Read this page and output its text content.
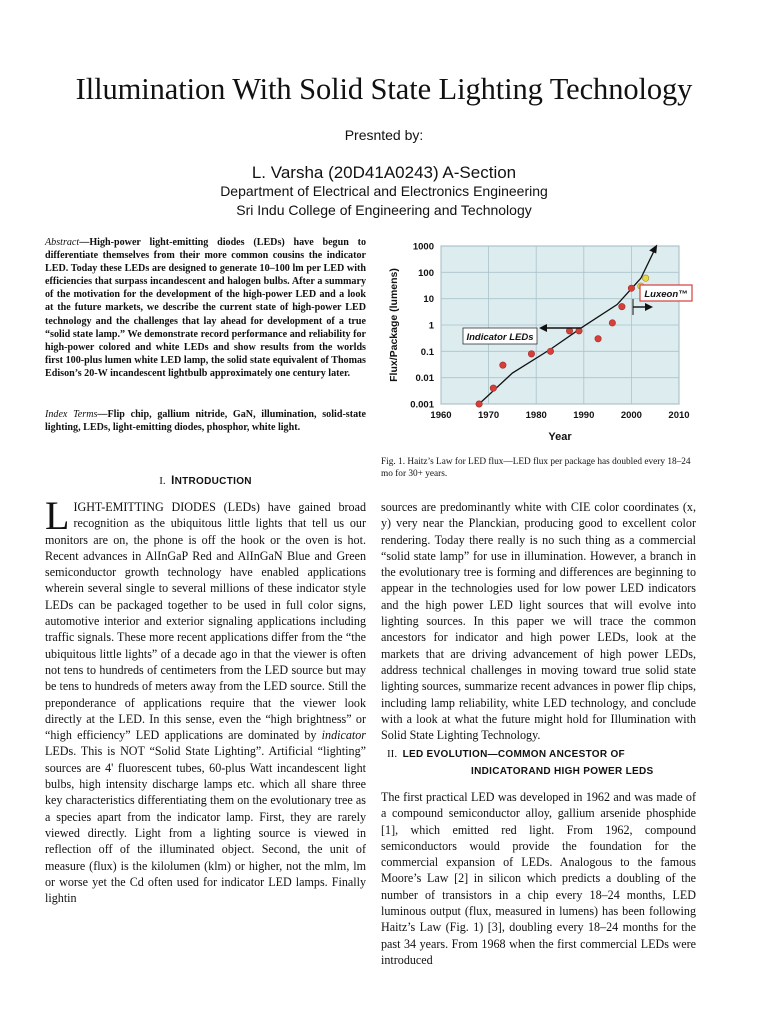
Illumination With Solid State Lighting Technology
Presnted by:
L. Varsha (20D41A0243) A-Section
Department of Electrical and Electronics Engineering
Sri Indu College of Engineering and Technology
Abstract—High-power light-emitting diodes (LEDs) have begun to differentiate themselves from their more common cousins the indicator LED. Today these LEDs are designed to generate 10–100 lm per LED with efficiencies that surpass incandescent and halogen bulbs. After a summary of the motivation for the development of the high-power LED and a look at the future markets, we describe the current state of high-power LED technology and the challenges that lay ahead for development of a true “solid state lamp.” We demonstrate record performance and reliability for high-power colored and white LEDs and show results from the worlds first 100-plus lumen white LED lamp, the solid state equivalent of Thomas Edison’s 20-W incandescent lightbulb approximately one century later.
Index Terms—Flip chip, gallium nitride, GaN, illumination, solid-state lighting, LEDs, light-emitting diodes, phosphor, white light.
I. INTRODUCTION
LIGHT-EMITTING DIODES (LEDs) have gained broad recognition as the ubiquitous little lights that tell us our monitors are on, the phone is off the hook or the oven is hot. Recent advances in AlInGaP Red and AlInGaN Blue and Green semiconductor growth technology have enabled applications wherein several single to several millions of these indicator style LEDs can be packaged together to be used in full color signs, automotive interior and exterior signaling applications including traffic signals. These more recent applications differ from the “the ubiquitous little lights” of a decade ago in that the viewer is often not tens to hundreds of centimeters from the LED source but may be tens to hundreds of meters away from the LED source. Still the preponderance of applications require that the viewer look directly at the LED. In this sense, even the “high brightness” or “high efficiency” LED applications are dominated by indicator LEDs. This is NOT “Solid State Lighting”. Artificial “lighting” sources are 4' fluorescent tubes, 60-plus Watt incandescent light bulbs, high intensity discharge lamps etc. which all share three key characteristics differentiating them on the evolutionary tree as a species apart from the indicator lamp. First, they are rarely viewed directly. Light from a lighting source is viewed in reflection off of the illuminated object. Second, the unit of measure (flux) is the kilolumen (klm) or higher, not the mlm, lm or worse yet the Cd often used for indicator LED lamps. Finally lightin
1960	1970	1980	1990	2000	2010
0.001
0.01
0.1
1
10
100
1000
Year
Flux/Package (lumens)	Indicator LEDs
Luxeon™
Fig. 1. Haitz’s Law for LED flux—LED flux per package has doubled every 18–24 mo for 30+ years.
sources are predominantly white with CIE color coordinates (x, y) very near the Planckian, producing good to excellent color rendering. Today there really is no such thing as a commercial “solid state lamp” for use in illumination. However, a branch in the evolutionary tree is forming and differences are beginning to appear in the technologies used for low power LED indicators and the high power LED light sources that will evolve into lighting sources. In this paper we will trace the common ancestors for indicator and high power LEDs, look at the markets that are driving advancement of high power LEDs, address technical challenges in moving toward true solid state lighting sources, summarize recent advances in power flip chips, including lamp reliability, white LED technology, and conclude with a look at what the future might hold for Illumination with Solid State Lighting Technology.
II. LED EVOLUTION—COMMON ANCESTOR OF
INDICATORAND HIGH POWER LEDS
The first practical LED was developed in 1962 and was made of a compound semiconductor alloy, gallium arsenide phosphide [1], which emitted red light. From 1962, compound semiconductors would provide the foundation for the commercial expansion of LEDs. Analogous to the famous Moore’s Law [2] in silicon which predicts a doubling of the number of transistors in a chip every 18–24 months, LED luminous output (flux, measured in lumens) has been following Haitz’s Law (Fig. 1) [3], doubling every 18–24 months for the past 34 years. From 1968 when the first commercial LEDs were introduced
